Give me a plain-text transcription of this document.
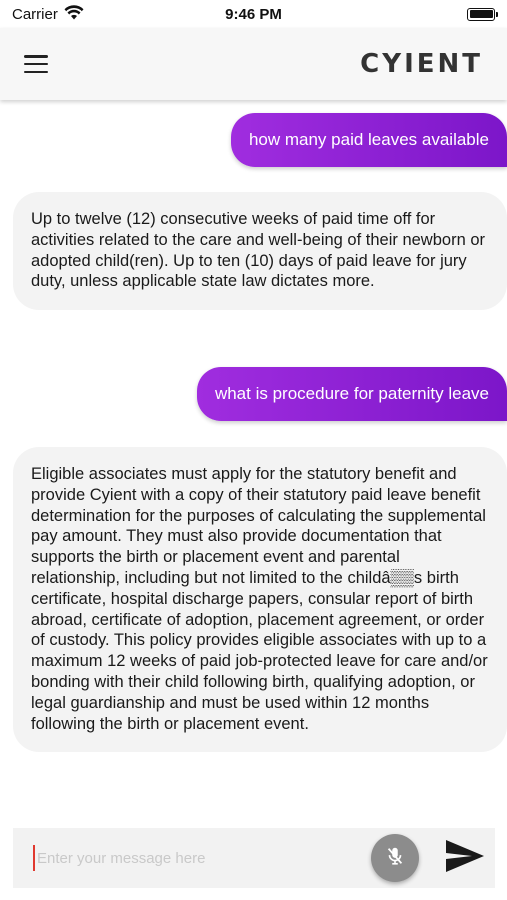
Carrier	9:46 PM
CYIENT
how many paid leaves available
Up to twelve (12) consecutive weeks of paid time off for activities related to the care and well-being of their newborn or adopted child(ren). Up to ten (10) days of paid leave for jury duty, unless applicable state law dictates more.
what is procedure for paternity leave
Eligible associates must apply for the statutory benefit and provide Cyient with a copy of their statutory paid leave benefit determination for the purposes of calculating the supplemental pay amount. They must also provide documentation that supports the birth or placement event and parental relationship, including but not limited to the childâ▒▒s birth certificate, hospital discharge papers, consular report of birth abroad, certificate of adoption, placement agreement, or order of custody. This policy provides eligible associates with up to a maximum 12 weeks of paid job-protected leave for care and/or bonding with their child following birth, qualifying adoption, or legal guardianship and must be used within 12 months following the birth or placement event.
Enter your message here
